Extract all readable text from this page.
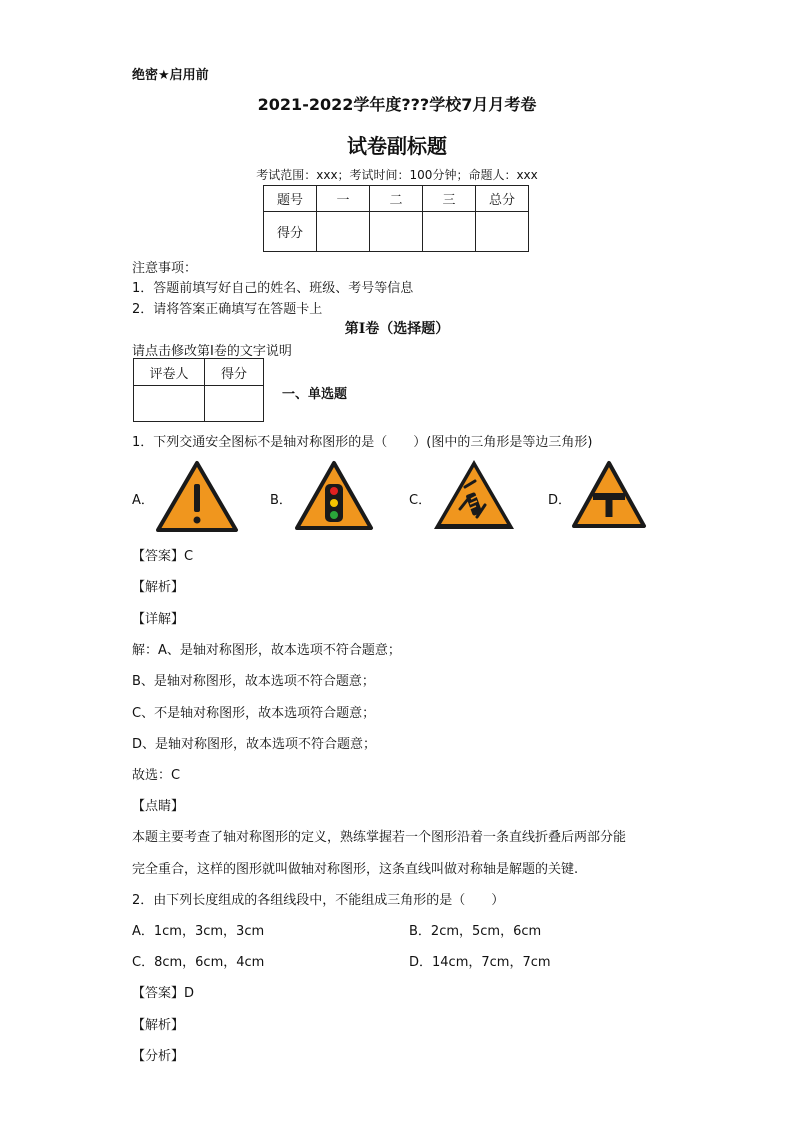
绝密★启用前
2021-2022学年度???学校7月月考卷
试卷副标题
考试范围：xxx；考试时间：100分钟；命题人：xxx
题号	一	二	三	总分
得分				
注意事项：
1．答题前填写好自己的姓名、班级、考号等信息
2．请将答案正确填写在答题卡上
第I卷（选择题）
请点击修改第I卷的文字说明
评卷人	得分

一、单选题
1．下列交通安全图标不是轴对称图形的是（　　）(图中的三角形是等边三角形)
A．	B．	C．	D．
【答案】C
【解析】
【详解】
解：A、是轴对称图形，故本选项不符合题意；
B、是轴对称图形，故本选项不符合题意；
C、不是轴对称图形，故本选项符合题意；
D、是轴对称图形，故本选项不符合题意；
故选：C
【点睛】
本题主要考查了轴对称图形的定义，熟练掌握若一个图形沿着一条直线折叠后两部分能
完全重合，这样的图形就叫做轴对称图形，这条直线叫做对称轴是解题的关键.
2．由下列长度组成的各组线段中，不能组成三角形的是（　　）
A．1cm，3cm，3cm	B．2cm，5cm，6cm
C．8cm，6cm，4cm	D．14cm，7cm，7cm
【答案】D
【解析】
【分析】
